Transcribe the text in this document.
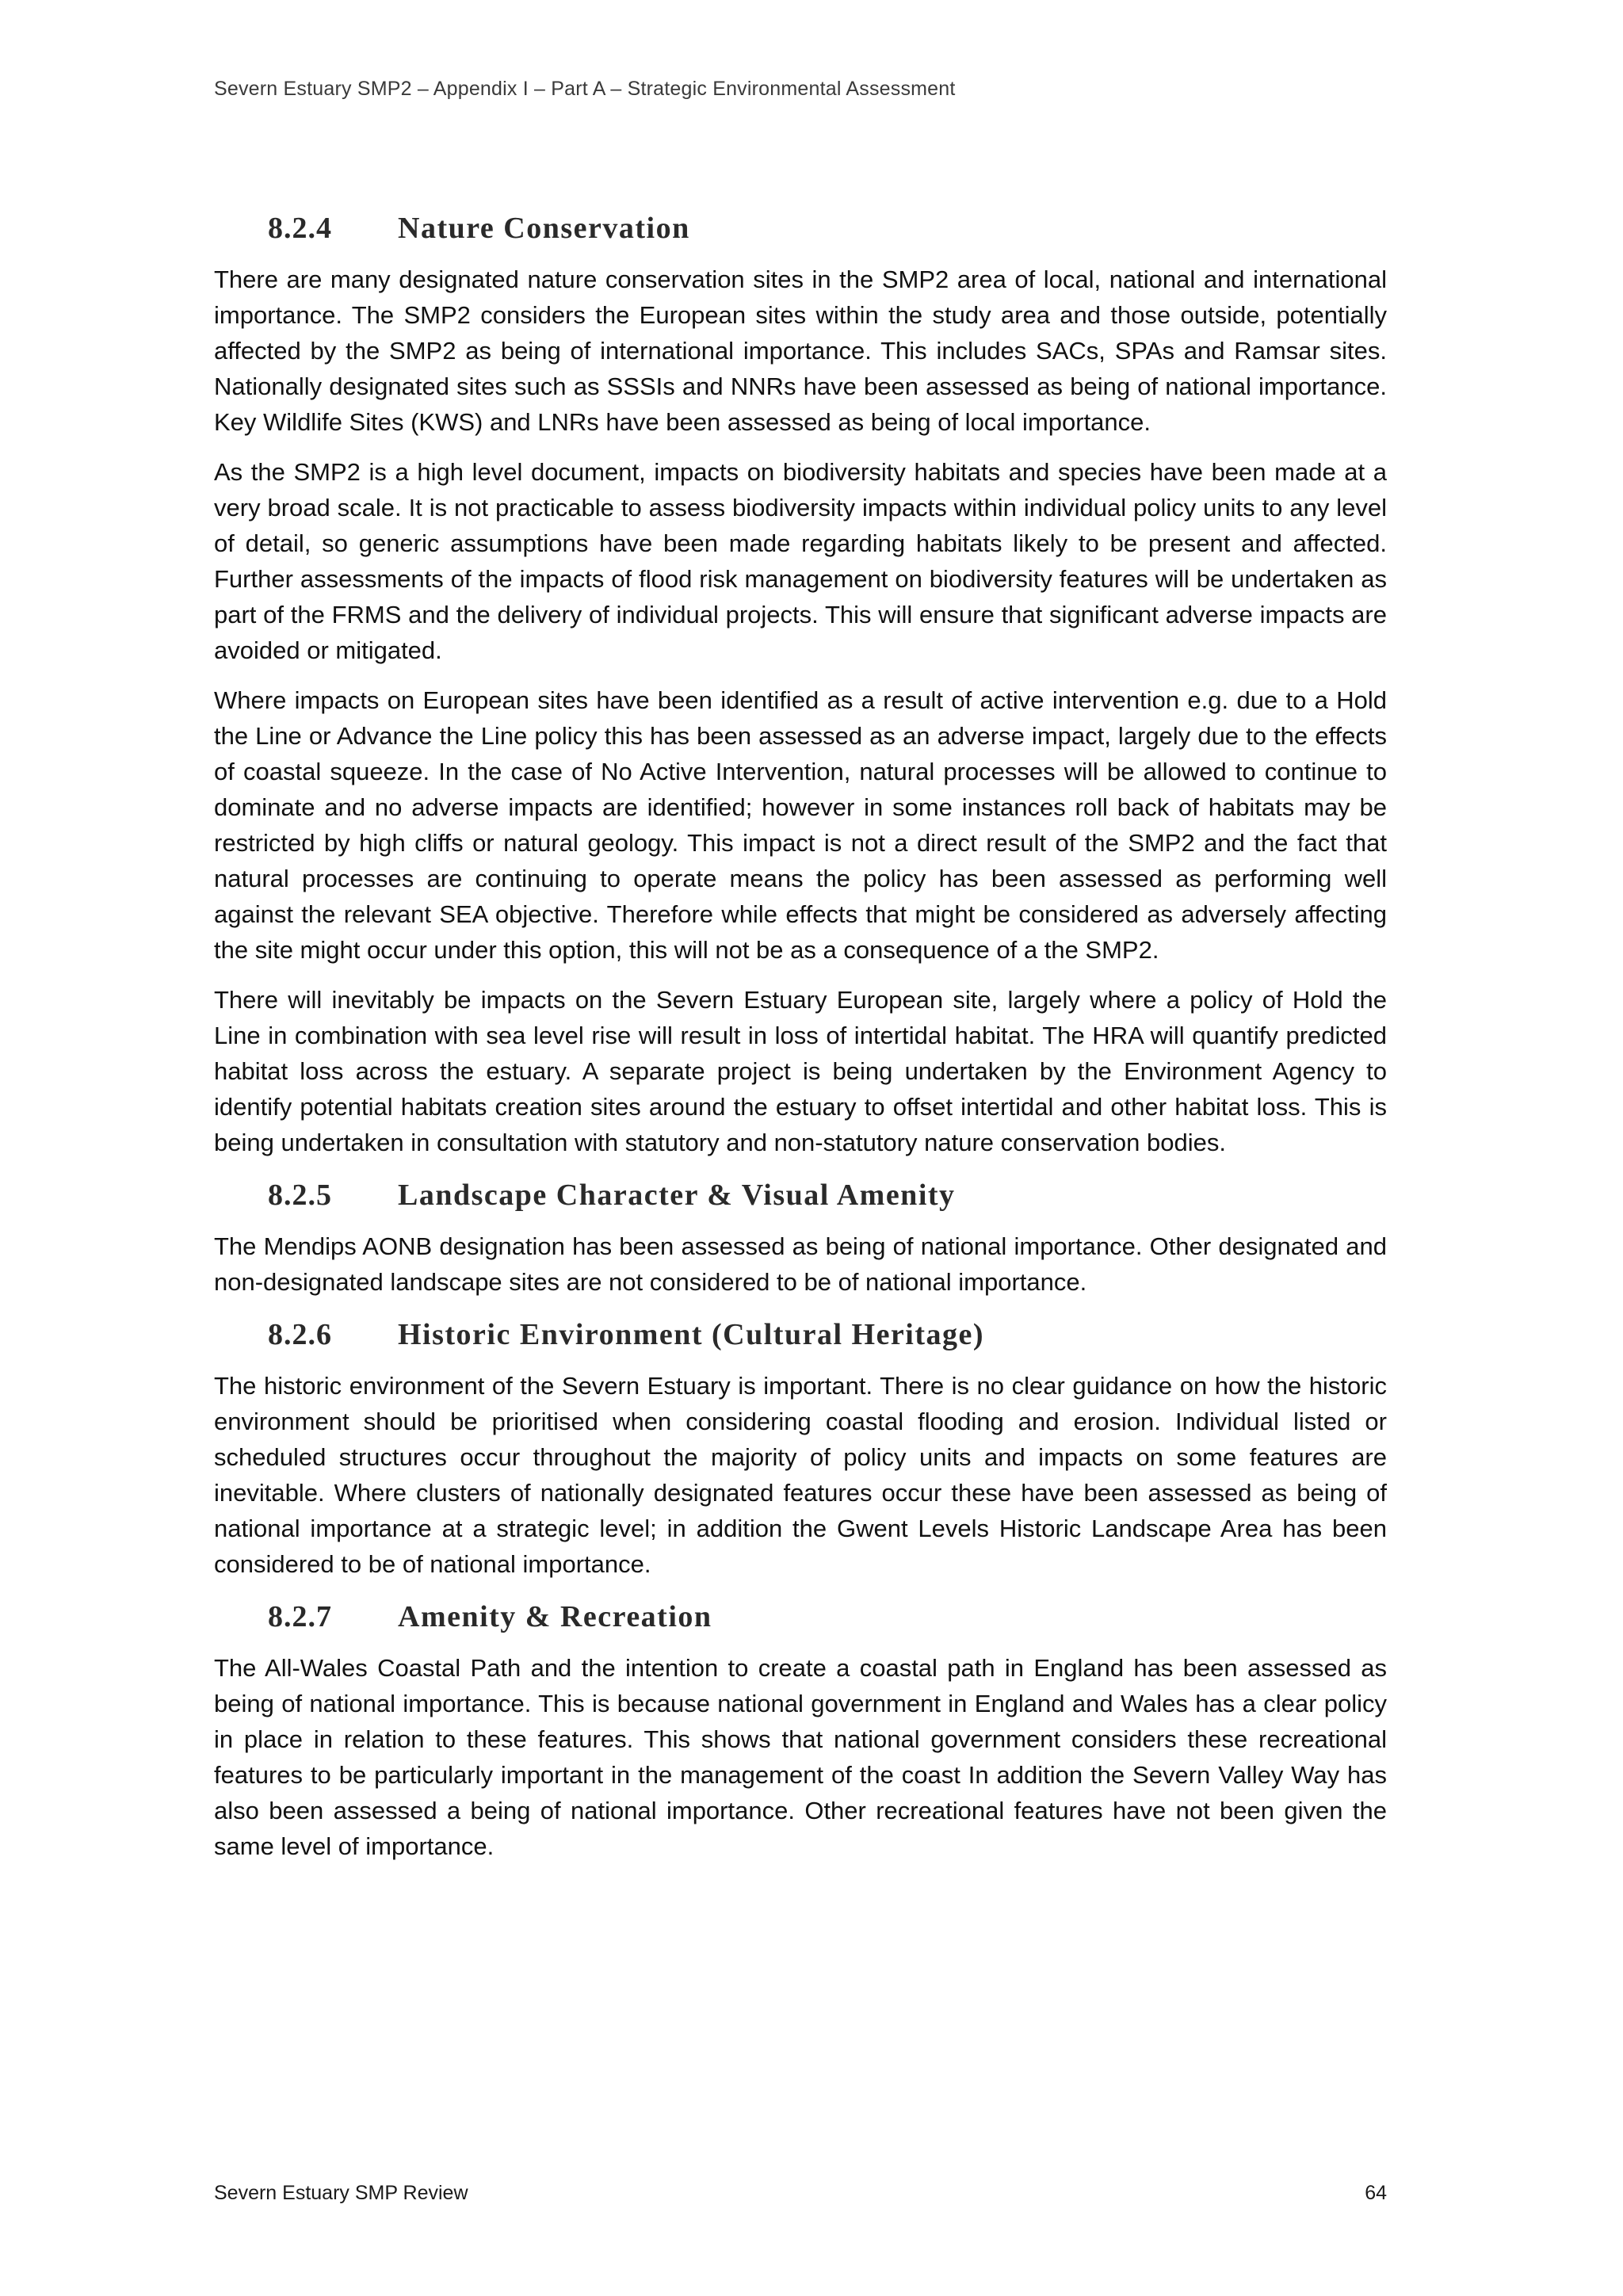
Severn Estuary SMP2 – Appendix I – Part A – Strategic Environmental Assessment
8.2.4 Nature Conservation

There are many designated nature conservation sites in the SMP2 area of local, national and international importance. The SMP2 considers the European sites within the study area and those outside, potentially affected by the SMP2 as being of international importance. This includes SACs, SPAs and Ramsar sites. Nationally designated sites such as SSSIs and NNRs have been assessed as being of national importance. Key Wildlife Sites (KWS) and LNRs have been assessed as being of local importance.

As the SMP2 is a high level document, impacts on biodiversity habitats and species have been made at a very broad scale. It is not practicable to assess biodiversity impacts within individual policy units to any level of detail, so generic assumptions have been made regarding habitats likely to be present and affected. Further assessments of the impacts of flood risk management on biodiversity features will be undertaken as part of the FRMS and the delivery of individual projects. This will ensure that significant adverse impacts are avoided or mitigated.

Where impacts on European sites have been identified as a result of active intervention e.g. due to a Hold the Line or Advance the Line policy this has been assessed as an adverse impact, largely due to the effects of coastal squeeze. In the case of No Active Intervention, natural processes will be allowed to continue to dominate and no adverse impacts are identified; however in some instances roll back of habitats may be restricted by high cliffs or natural geology. This impact is not a direct result of the SMP2 and the fact that natural processes are continuing to operate means the policy has been assessed as performing well against the relevant SEA objective. Therefore while effects that might be considered as adversely affecting the site might occur under this option, this will not be as a consequence of a the SMP2.

There will inevitably be impacts on the Severn Estuary European site, largely where a policy of Hold the Line in combination with sea level rise will result in loss of intertidal habitat. The HRA will quantify predicted habitat loss across the estuary. A separate project is being undertaken by the Environment Agency to identify potential habitats creation sites around the estuary to offset intertidal and other habitat loss. This is being undertaken in consultation with statutory and non-statutory nature conservation bodies.

8.2.5 Landscape Character & Visual Amenity

The Mendips AONB designation has been assessed as being of national importance. Other designated and non-designated landscape sites are not considered to be of national importance.

8.2.6 Historic Environment (Cultural Heritage)

The historic environment of the Severn Estuary is important. There is no clear guidance on how the historic environment should be prioritised when considering coastal flooding and erosion. Individual listed or scheduled structures occur throughout the majority of policy units and impacts on some features are inevitable. Where clusters of nationally designated features occur these have been assessed as being of national importance at a strategic level; in addition the Gwent Levels Historic Landscape Area has been considered to be of national importance.

8.2.7 Amenity & Recreation

The All-Wales Coastal Path and the intention to create a coastal path in England has been assessed as being of national importance. This is because national government in England and Wales has a clear policy in place in relation to these features. This shows that national government considers these recreational features to be particularly important in the management of the coast In addition the Severn Valley Way has also been assessed a being of national importance. Other recreational features have not been given the same level of importance.

Severn Estuary SMP Review	64
